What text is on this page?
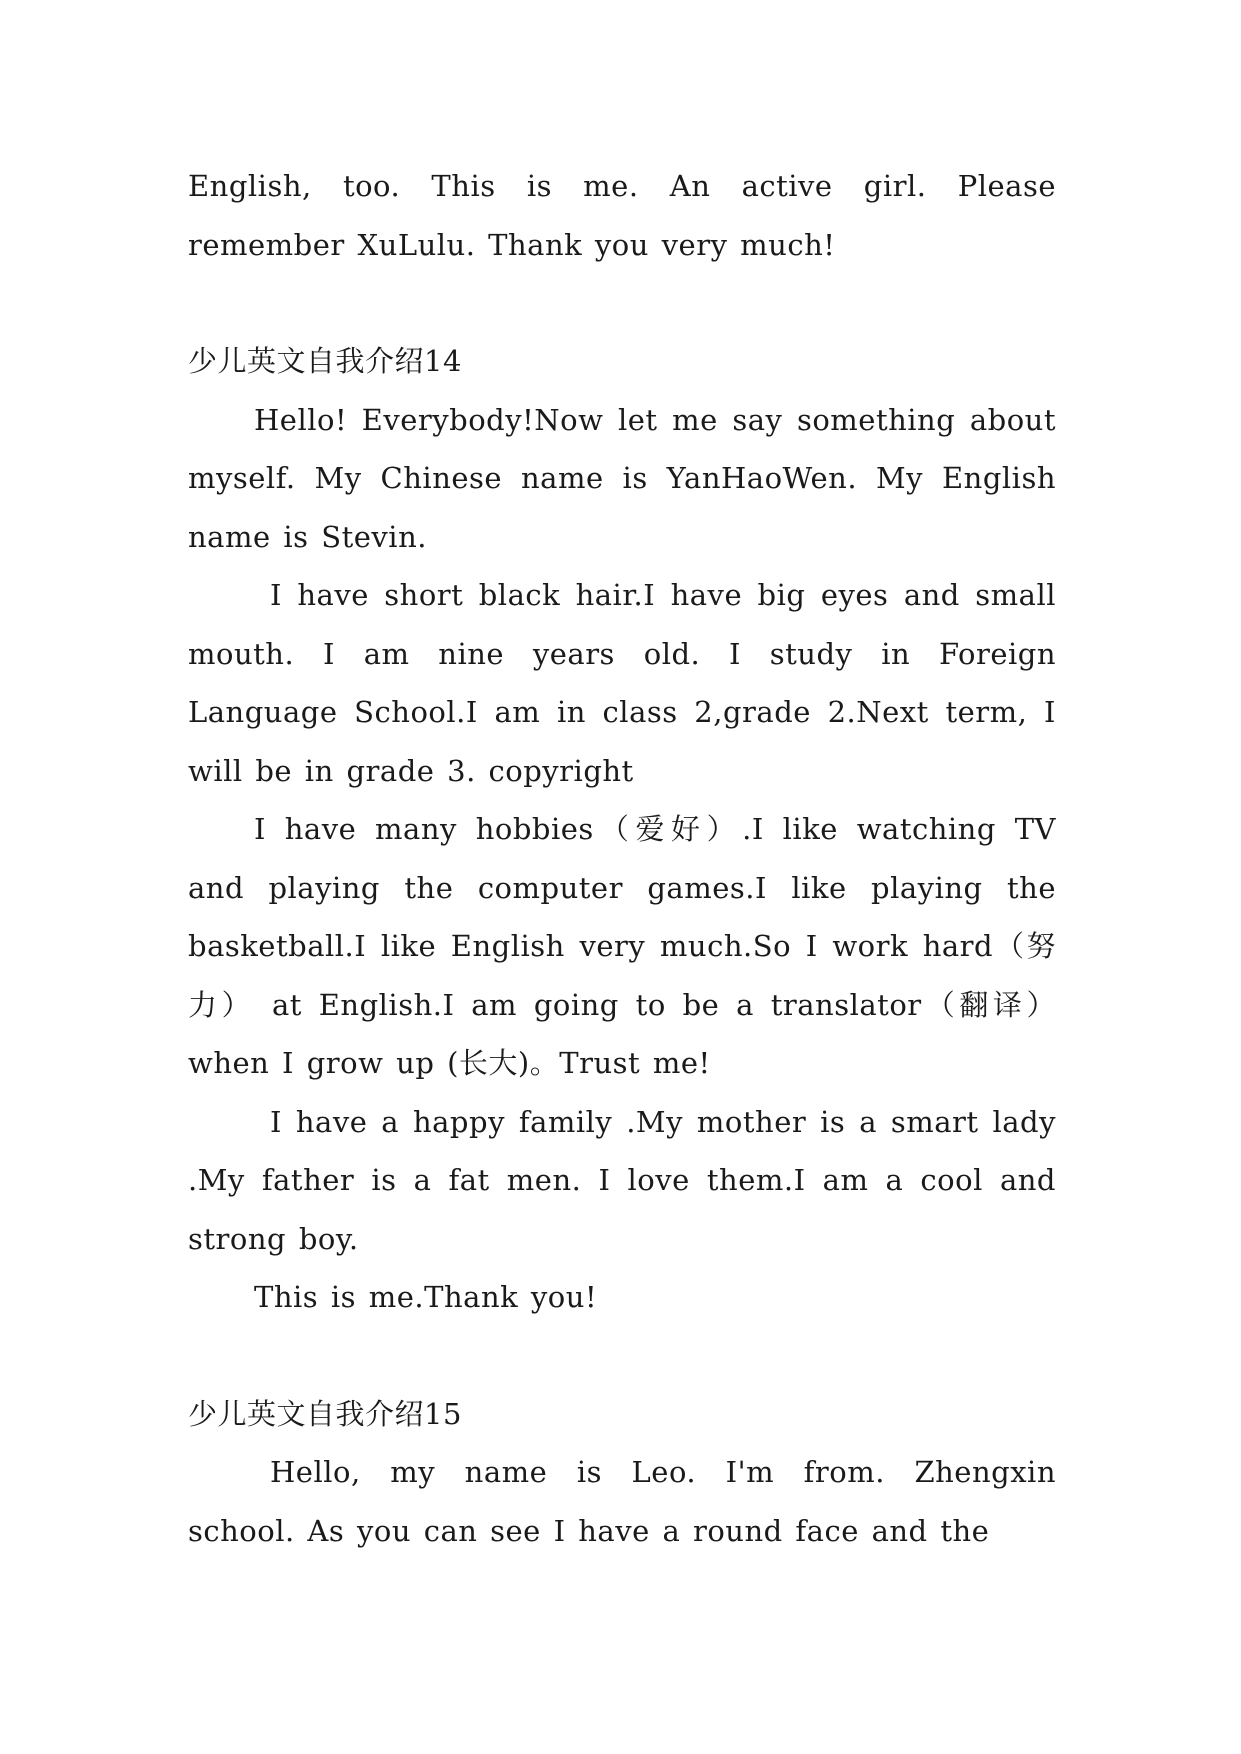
English, too. This is me. An active girl. Please remember XuLulu. Thank you very much!

少儿英文自我介绍14

Hello! Everybody!Now let me say something about myself. My Chinese name is YanHaoWen. My English name is Stevin.

I have short black hair.I have big eyes and small mouth. I am nine years old. I study in Foreign Language School.I am in class 2,grade 2.Next term, I will be in grade 3. copyright

I have many hobbies（爱好）.I like watching TV and playing the computer games.I like playing the basketball.I like English very much.So I work hard（努力） at English.I am going to be a translator（翻译） when I grow up (长大)。Trust me!

I have a happy family .My mother is a smart lady .My father is a fat men. I love them.I am a cool and strong boy.

This is me.Thank you!

少儿英文自我介绍15

Hello, my name is Leo. I'm from. Zhengxin school. As you can see I have a round face and the
